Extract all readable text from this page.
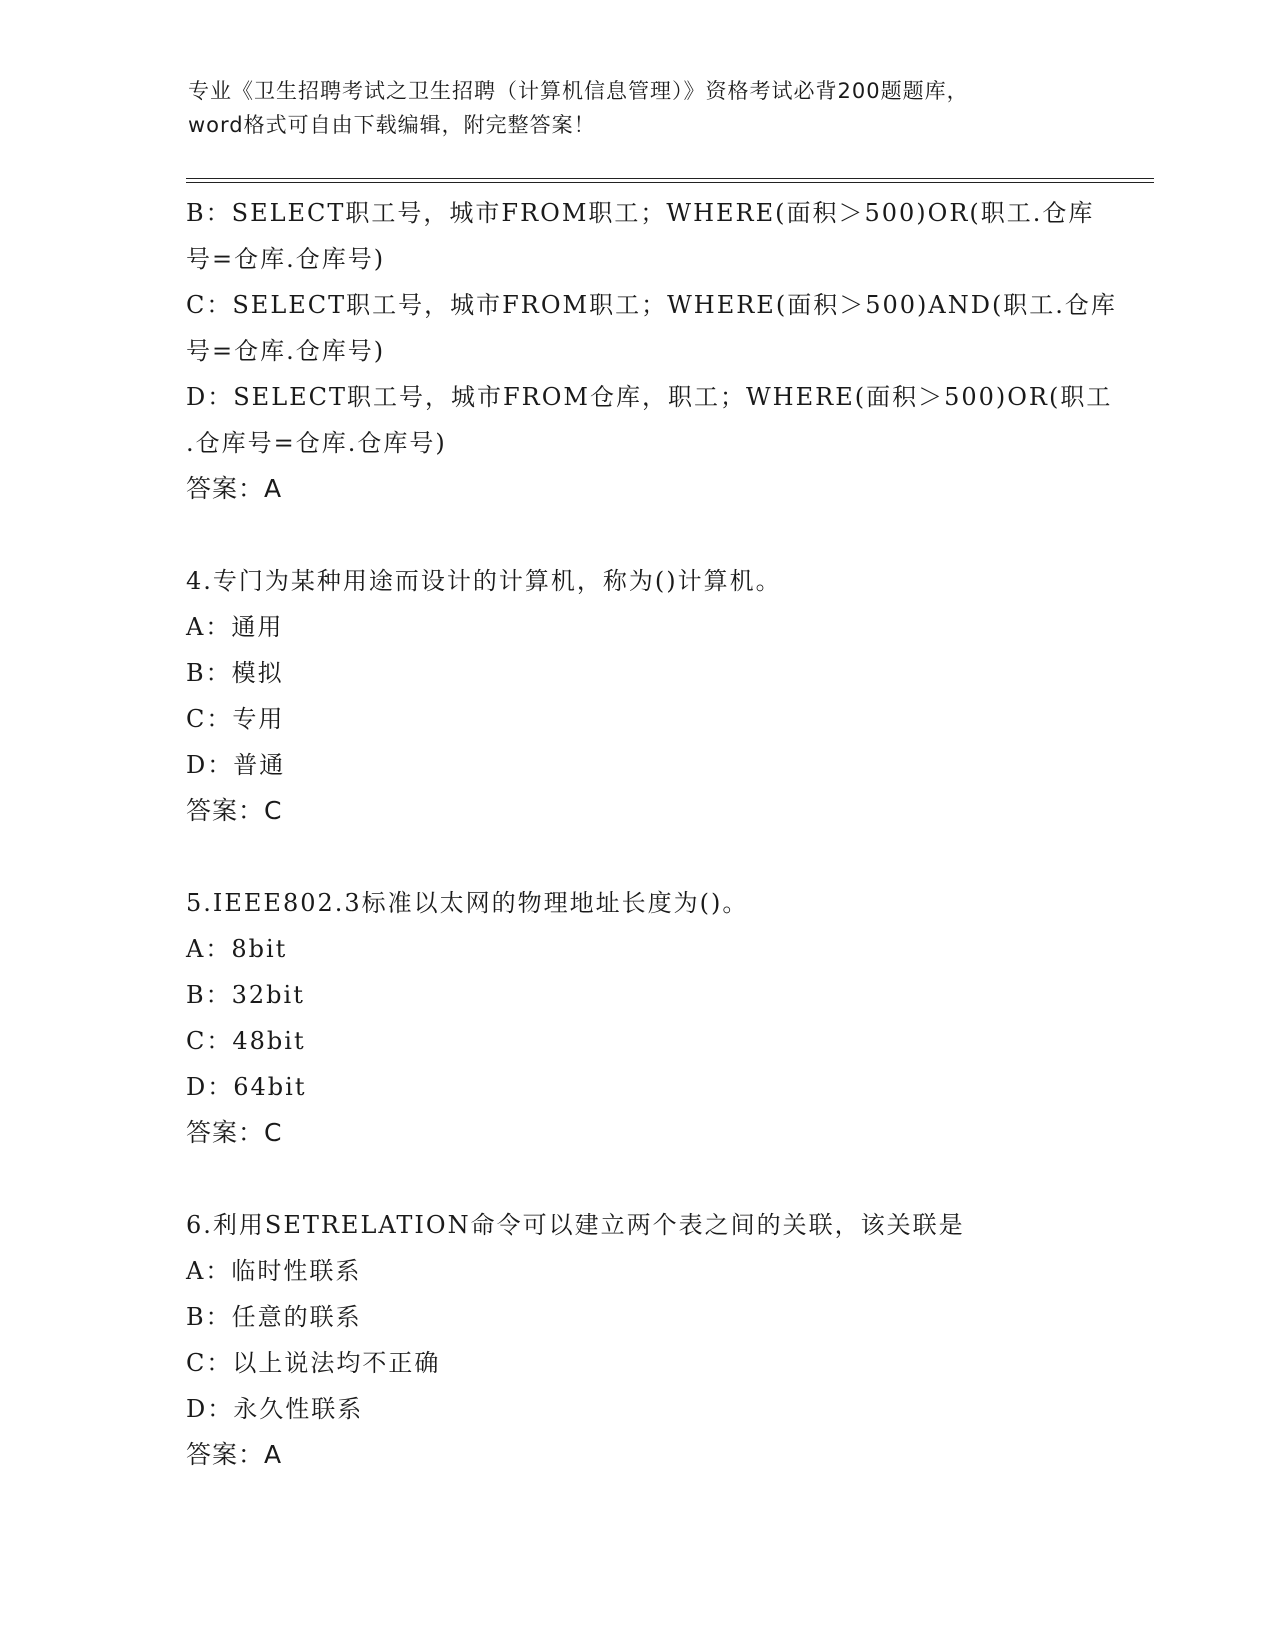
专业《卫生招聘考试之卫生招聘（计算机信息管理）》资格考试必背200题题库，
word格式可自由下载编辑，附完整答案！
B：SELECT职工号，城市FROM职工；WHERE(面积＞500)OR(职工.仓库
号=仓库.仓库号)
C：SELECT职工号，城市FROM职工；WHERE(面积＞500)AND(职工.仓库
号=仓库.仓库号)
D：SELECT职工号，城市FROM仓库，职工；WHERE(面积＞500)OR(职工
.仓库号=仓库.仓库号)
答案：A
4.专门为某种用途而设计的计算机，称为()计算机。
A：通用
B：模拟
C：专用
D：普通
答案：C
5.IEEE802.3标准以太网的物理地址长度为()。
A：8bit
B：32bit
C：48bit
D：64bit
答案：C
6.利用SETRELATION命令可以建立两个表之间的关联，该关联是
A：临时性联系
B：任意的联系
C：以上说法均不正确
D：永久性联系
答案：A
